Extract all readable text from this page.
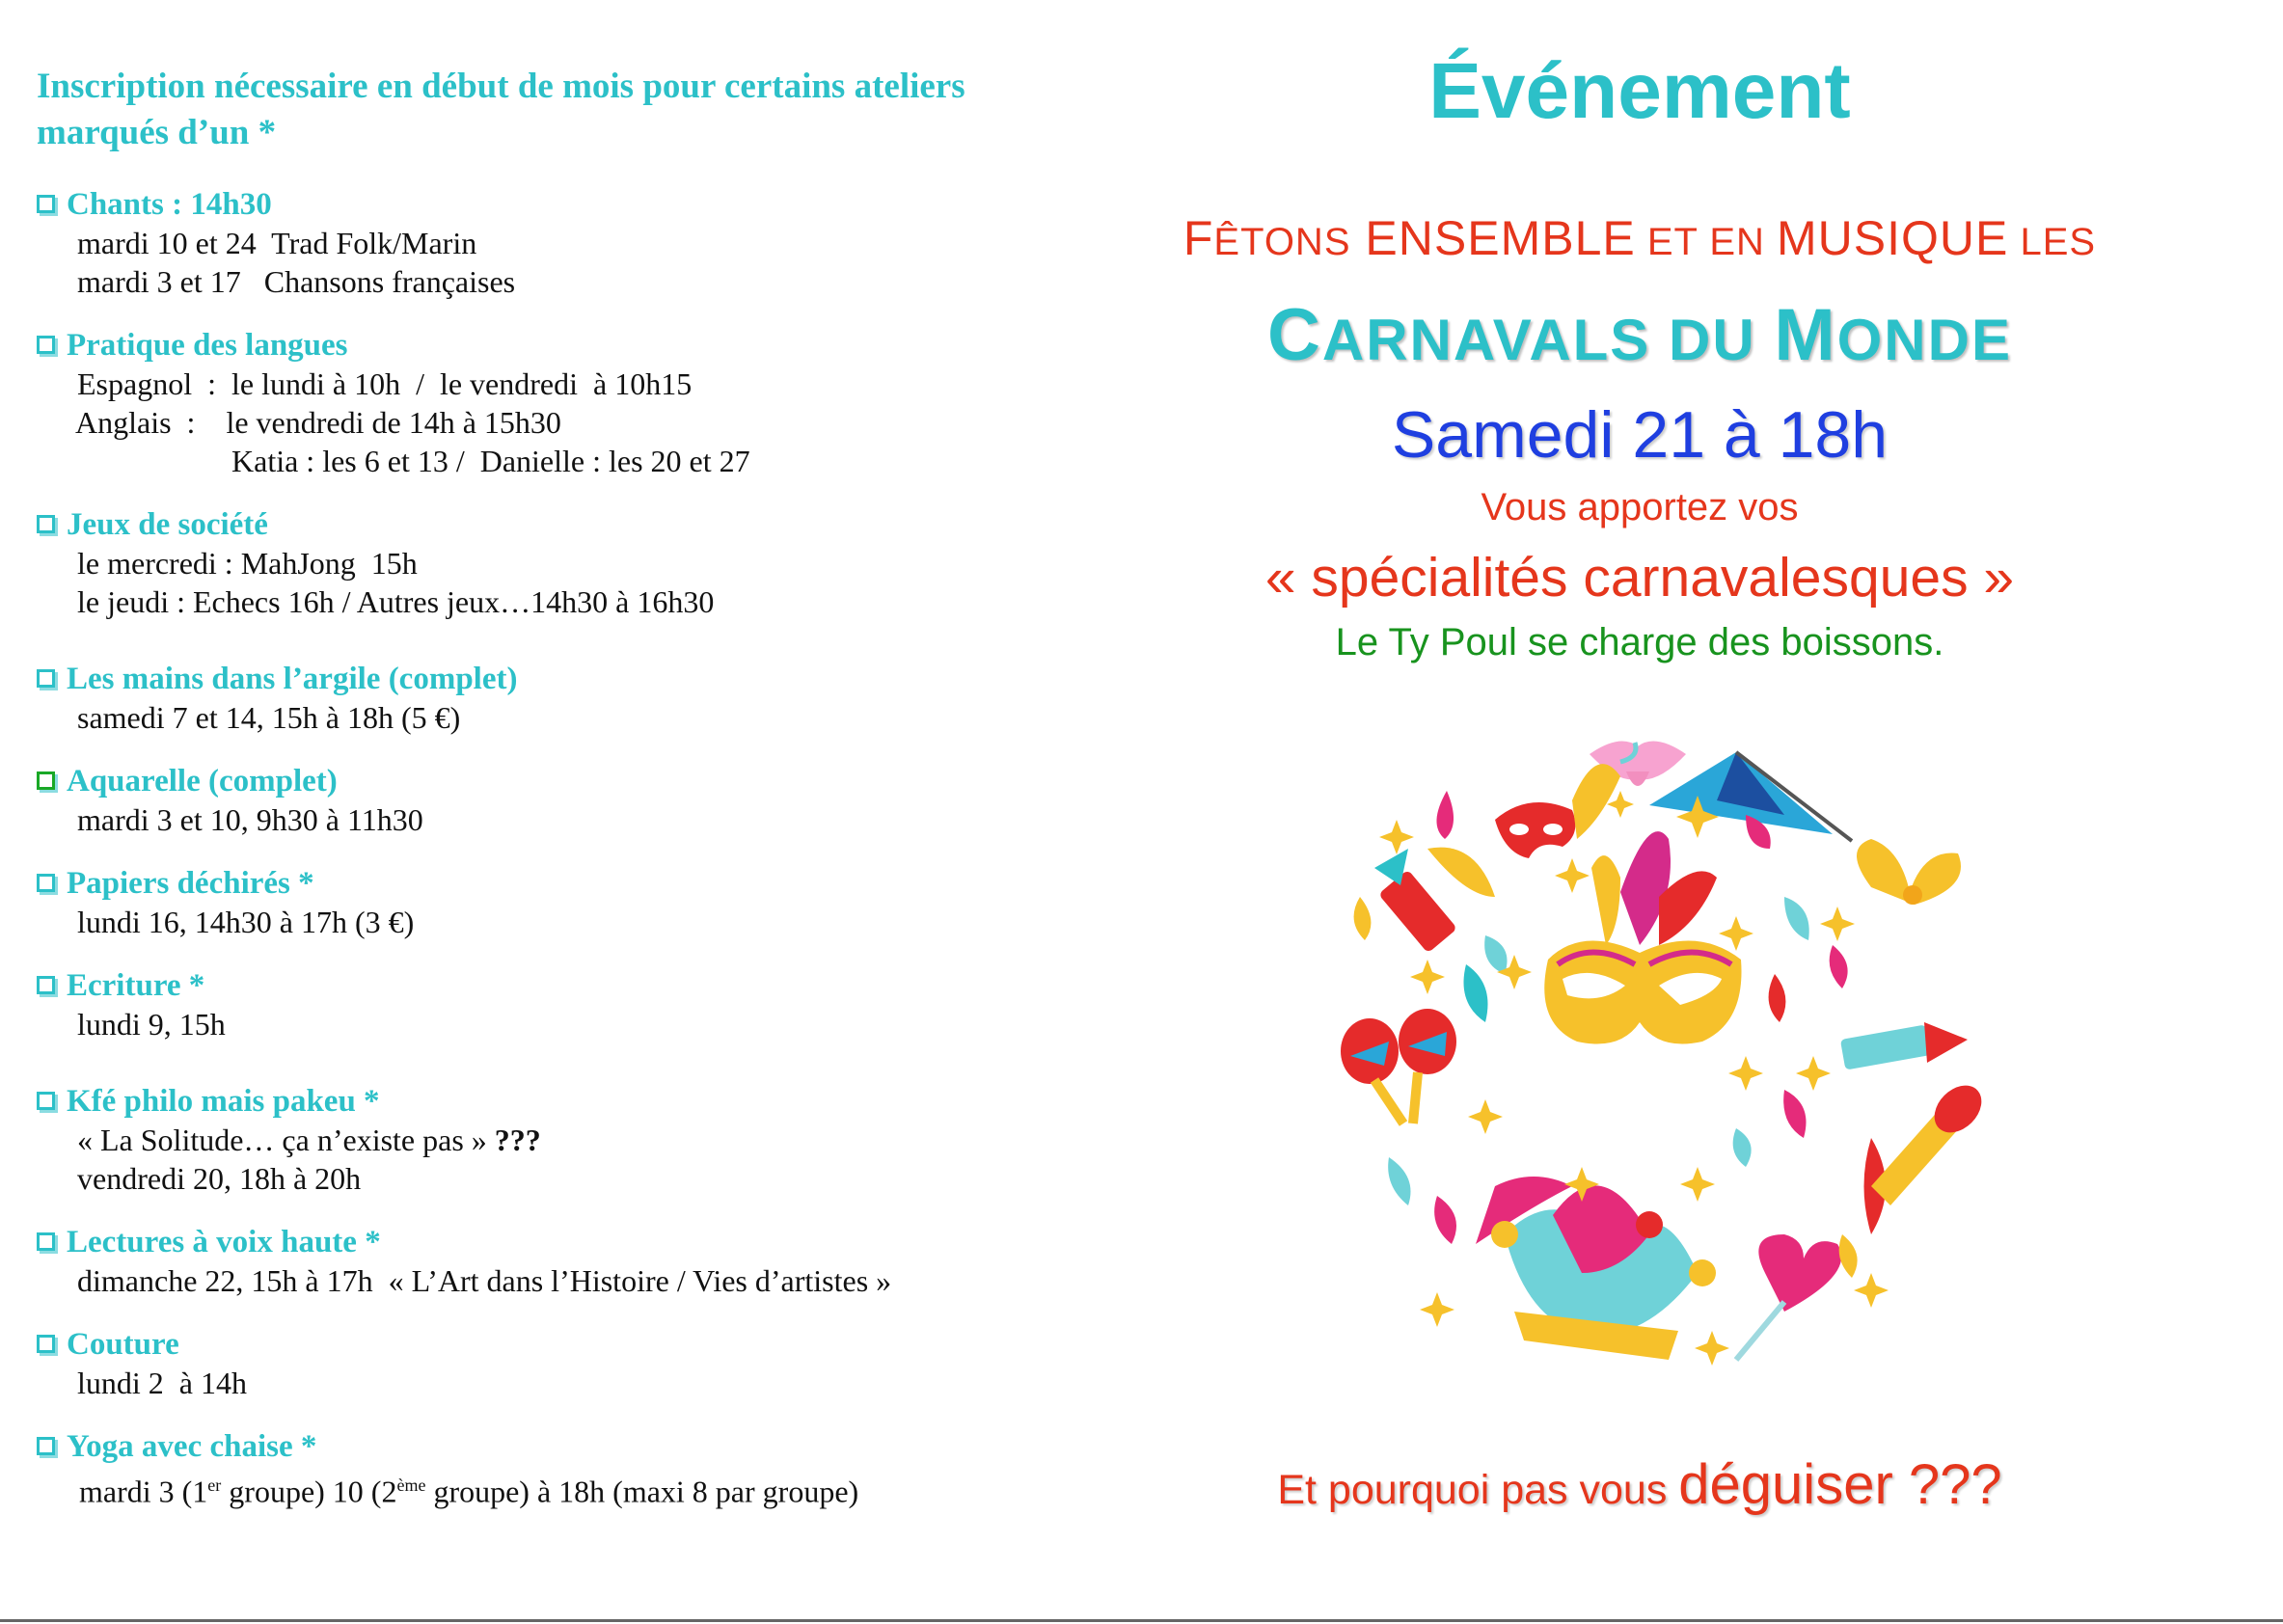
Inscription nécessaire en début de mois pour certains ateliers marqués d’un *
Chants : 14h30
mardi 10 et 24  Trad Folk/Marin
mardi 3 et 17   Chansons françaises
Pratique des langues
Espagnol  :  le lundi à 10h  /  le vendredi  à 10h15
Anglais  :    le vendredi de 14h à 15h30
Katia : les 6 et 13 /  Danielle : les 20 et 27
Jeux de société
le mercredi : MahJong  15h
le jeudi : Echecs 16h / Autres jeux…14h30 à 16h30
Les mains dans l’argile (complet)
samedi 7 et 14, 15h à 18h (5 €)
Aquarelle (complet)
mardi 3 et 10, 9h30 à 11h30
Papiers déchirés *
lundi 16, 14h30 à 17h (3 €)
Ecriture *
lundi 9, 15h
Kfé philo mais pakeu *
« La Solitude… ça n’existe pas » ???
vendredi 20, 18h à 20h
Lectures à voix haute *
dimanche 22, 15h à 17h  « L’Art dans l’Histoire / Vies d’artistes »
Couture
lundi 2  à 14h
Yoga avec chaise *
mardi 3 (1er groupe) 10 (2ème groupe) à 18h (maxi 8 par groupe)
Événement
FÊTONS ENSEMBLE ET EN MUSIQUE LES
CARNAVALS DU MONDE
Samedi 21 à 18h
Vous apportez vos
« spécialités carnavalesques »
Le Ty Poul se charge des boissons.
Et pourquoi pas vous déguiser ???
